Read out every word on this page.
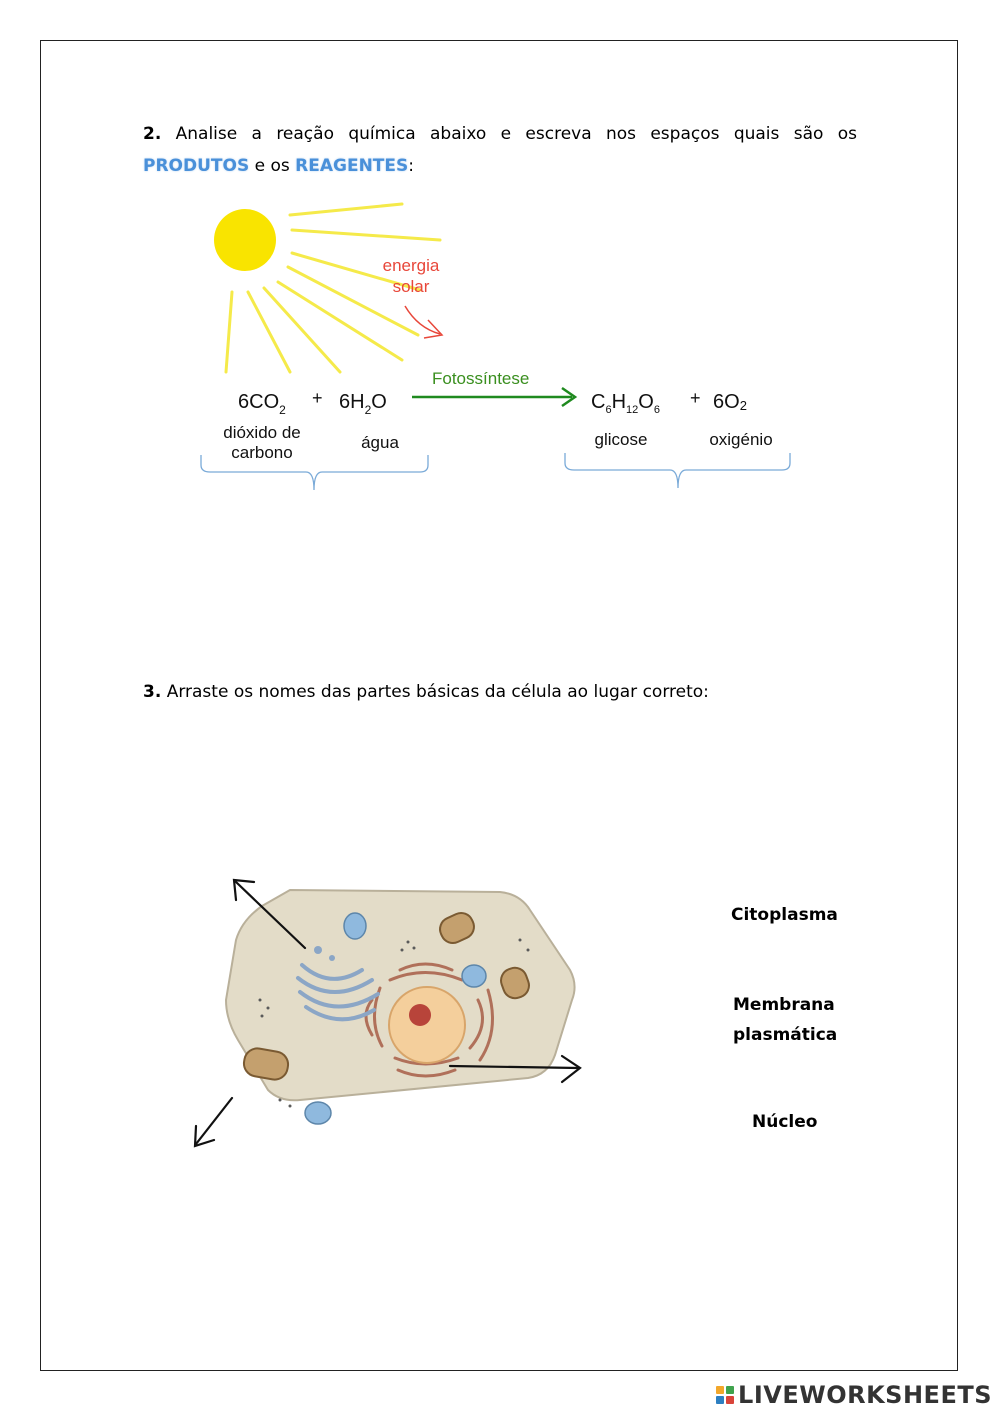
2. Analise a reação química abaixo e escreva nos espaços quais são os PRODUTOS e os REAGENTES:
energia
solar
$6CO_2$
+ $6H_2O$
Fotossíntese
$C_6H_{12}O_6$
+ 6O2
dióxido de
carbono
água	glicose	oxigénio
3. Arraste os nomes das partes básicas da célula ao lugar correto:
Citoplasma
Membrana
plasmática
Núcleo
LIVEWORKSHEETS
